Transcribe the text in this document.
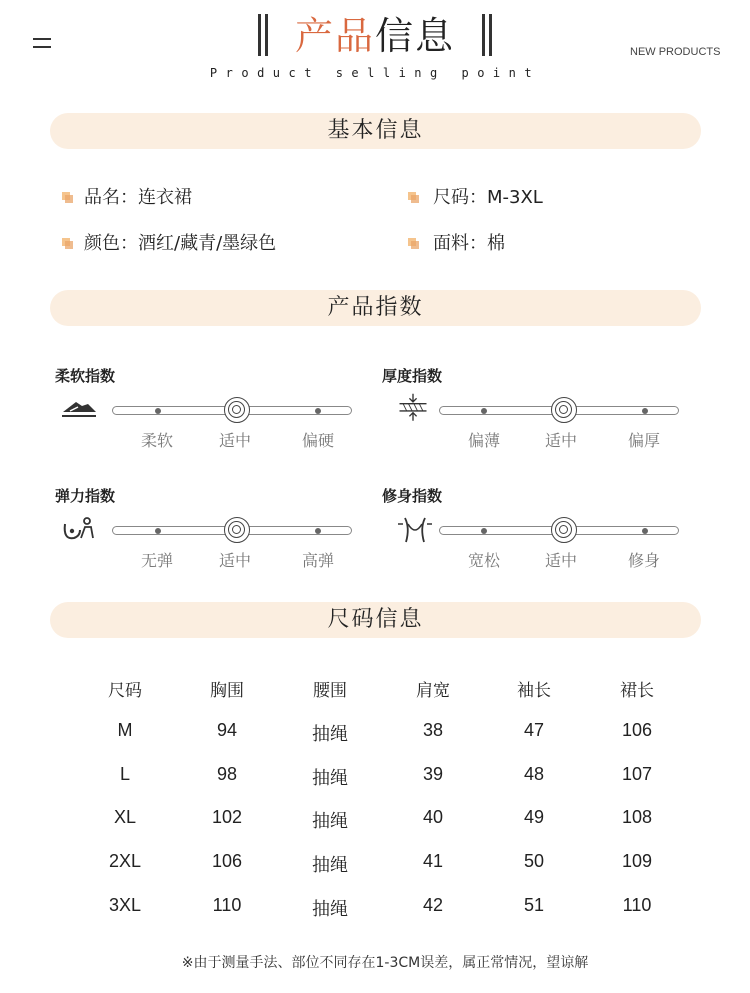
产品信息
Product selling point
NEW PRODUCTS
基本信息
品名：连衣裙	尺码：M-3XL
颜色：酒红/藏青/墨绿色	面料：棉
产品指数
柔软指数
柔软	适中	偏硬
厚度指数
偏薄	适中	偏厚
弹力指数
无弹	适中	高弹
修身指数
宽松	适中	修身
尺码信息
尺码	胸围	腰围	肩宽	袖长	裙长
M	94	抽绳	38	47	106
L	98	抽绳	39	48	107
XL	102	抽绳	40	49	108
2XL	106	抽绳	41	50	109
3XL	110	抽绳	42	51	110
※由于测量手法、部位不同存在1-3CM误差，属正常情况，望谅解
